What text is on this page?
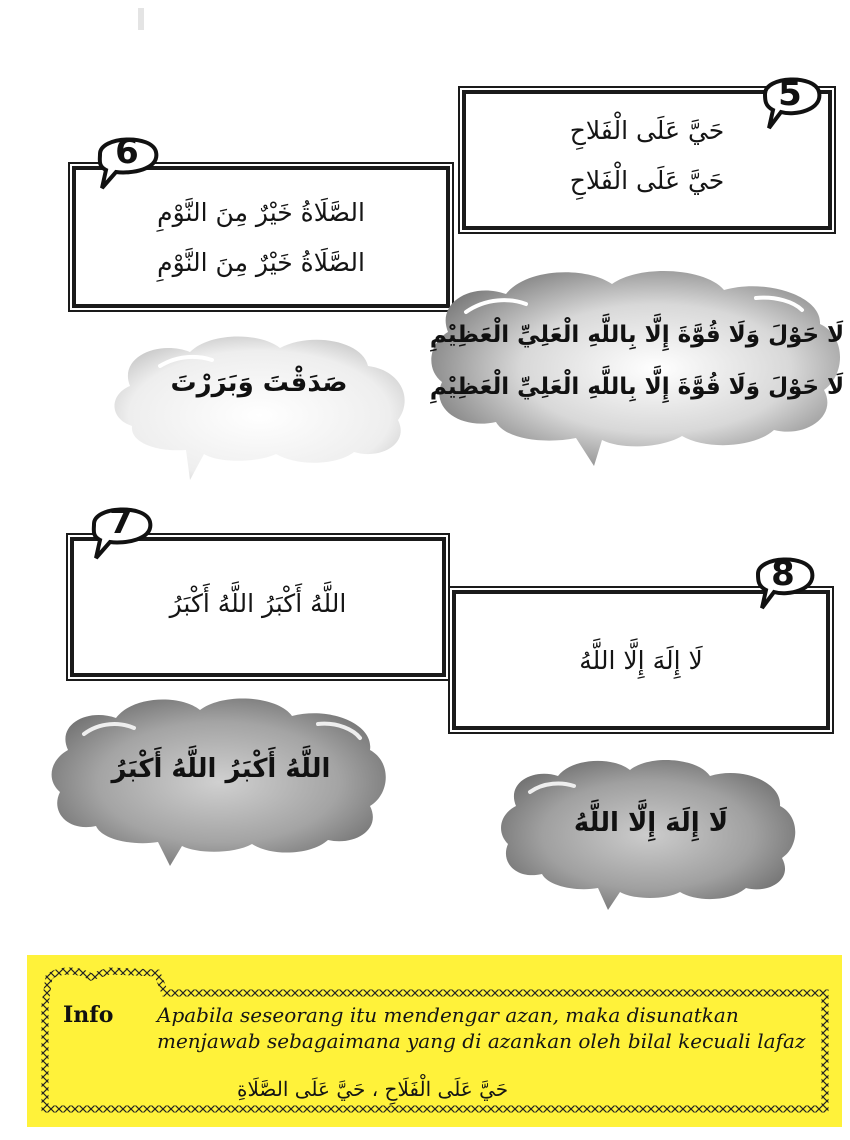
حَيَّ عَلَى الْفَلاحِ
حَيَّ عَلَى الْفَلاحِ
5
الصَّلَاةُ خَيْرٌ مِنَ النَّوْمِ
الصَّلَاةُ خَيْرٌ مِنَ النَّوْمِ
6
صَدَقْتَ وَبَرَرْتَ
لَا حَوْلَ وَلَا قُوَّةَ إِلَّا بِاللَّهِ الْعَلِيِّ الْعَظِيْمِ
لَا حَوْلَ وَلَا قُوَّةَ إِلَّا بِاللَّهِ الْعَلِيِّ الْعَظِيْمِ
اللَّهُ أَكْبَرُ اللَّهُ أَكْبَرُ
7
اللَّهُ أَكْبَرُ اللَّهُ أَكْبَرُ
لَا إِلَهَ إِلَّا اللَّهُ
8
لَا إِلَهَ إِلَّا اللَّهُ
Info Apabila seseorang itu mendengar azan, maka disunatkan menjawab sebagaimana yang di azankan oleh bilal kecuali lafaz
حَيَّ عَلَى الْفَلَاحِ ، حَيَّ عَلَى الصَّلَاةِ
